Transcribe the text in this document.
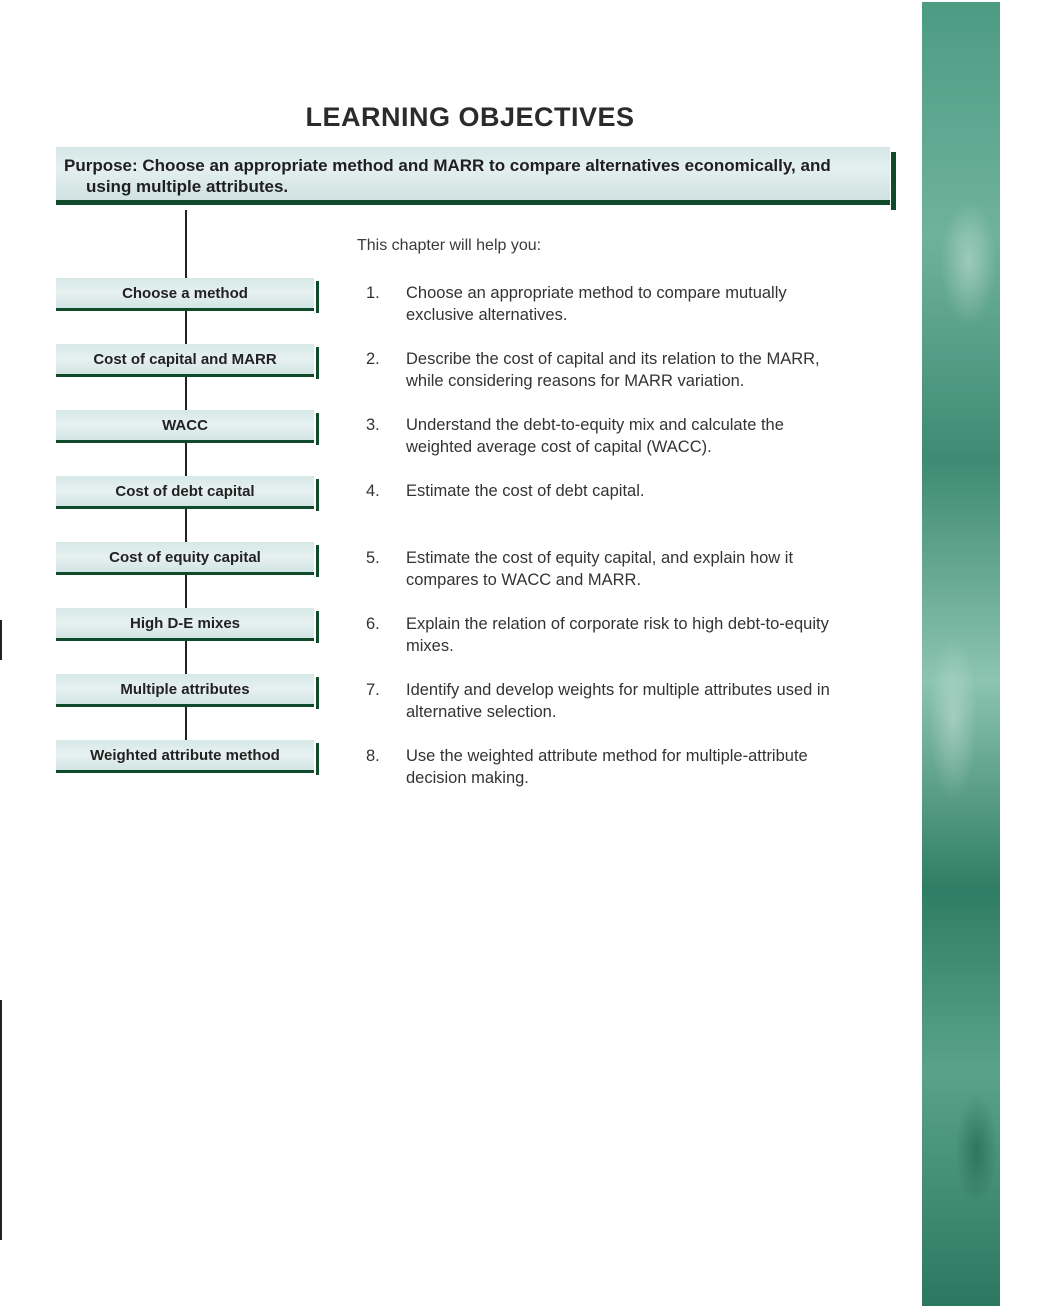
LEARNING OBJECTIVES
Purpose: Choose an appropriate method and MARR to compare alternatives economically, and
using multiple attributes.
Choose a method
Cost of capital and MARR
WACC
Cost of debt capital
Cost of equity capital
High D-E mixes
Multiple attributes
Weighted attribute method
This chapter will help you:
1.	Choose an appropriate method to compare mutually
exclusive alternatives.
2.	Describe the cost of capital and its relation to the MARR,
while considering reasons for MARR variation.
3.	Understand the debt-to-equity mix and calculate the
weighted average cost of capital (WACC).
4.	Estimate the cost of debt capital.
5.	Estimate the cost of equity capital, and explain how it
compares to WACC and MARR.
6.	Explain the relation of corporate risk to high debt-to-equity
mixes.
7.	Identify and develop weights for multiple attributes used in
alternative selection.
8.	Use the weighted attribute method for multiple-attribute
decision making.
